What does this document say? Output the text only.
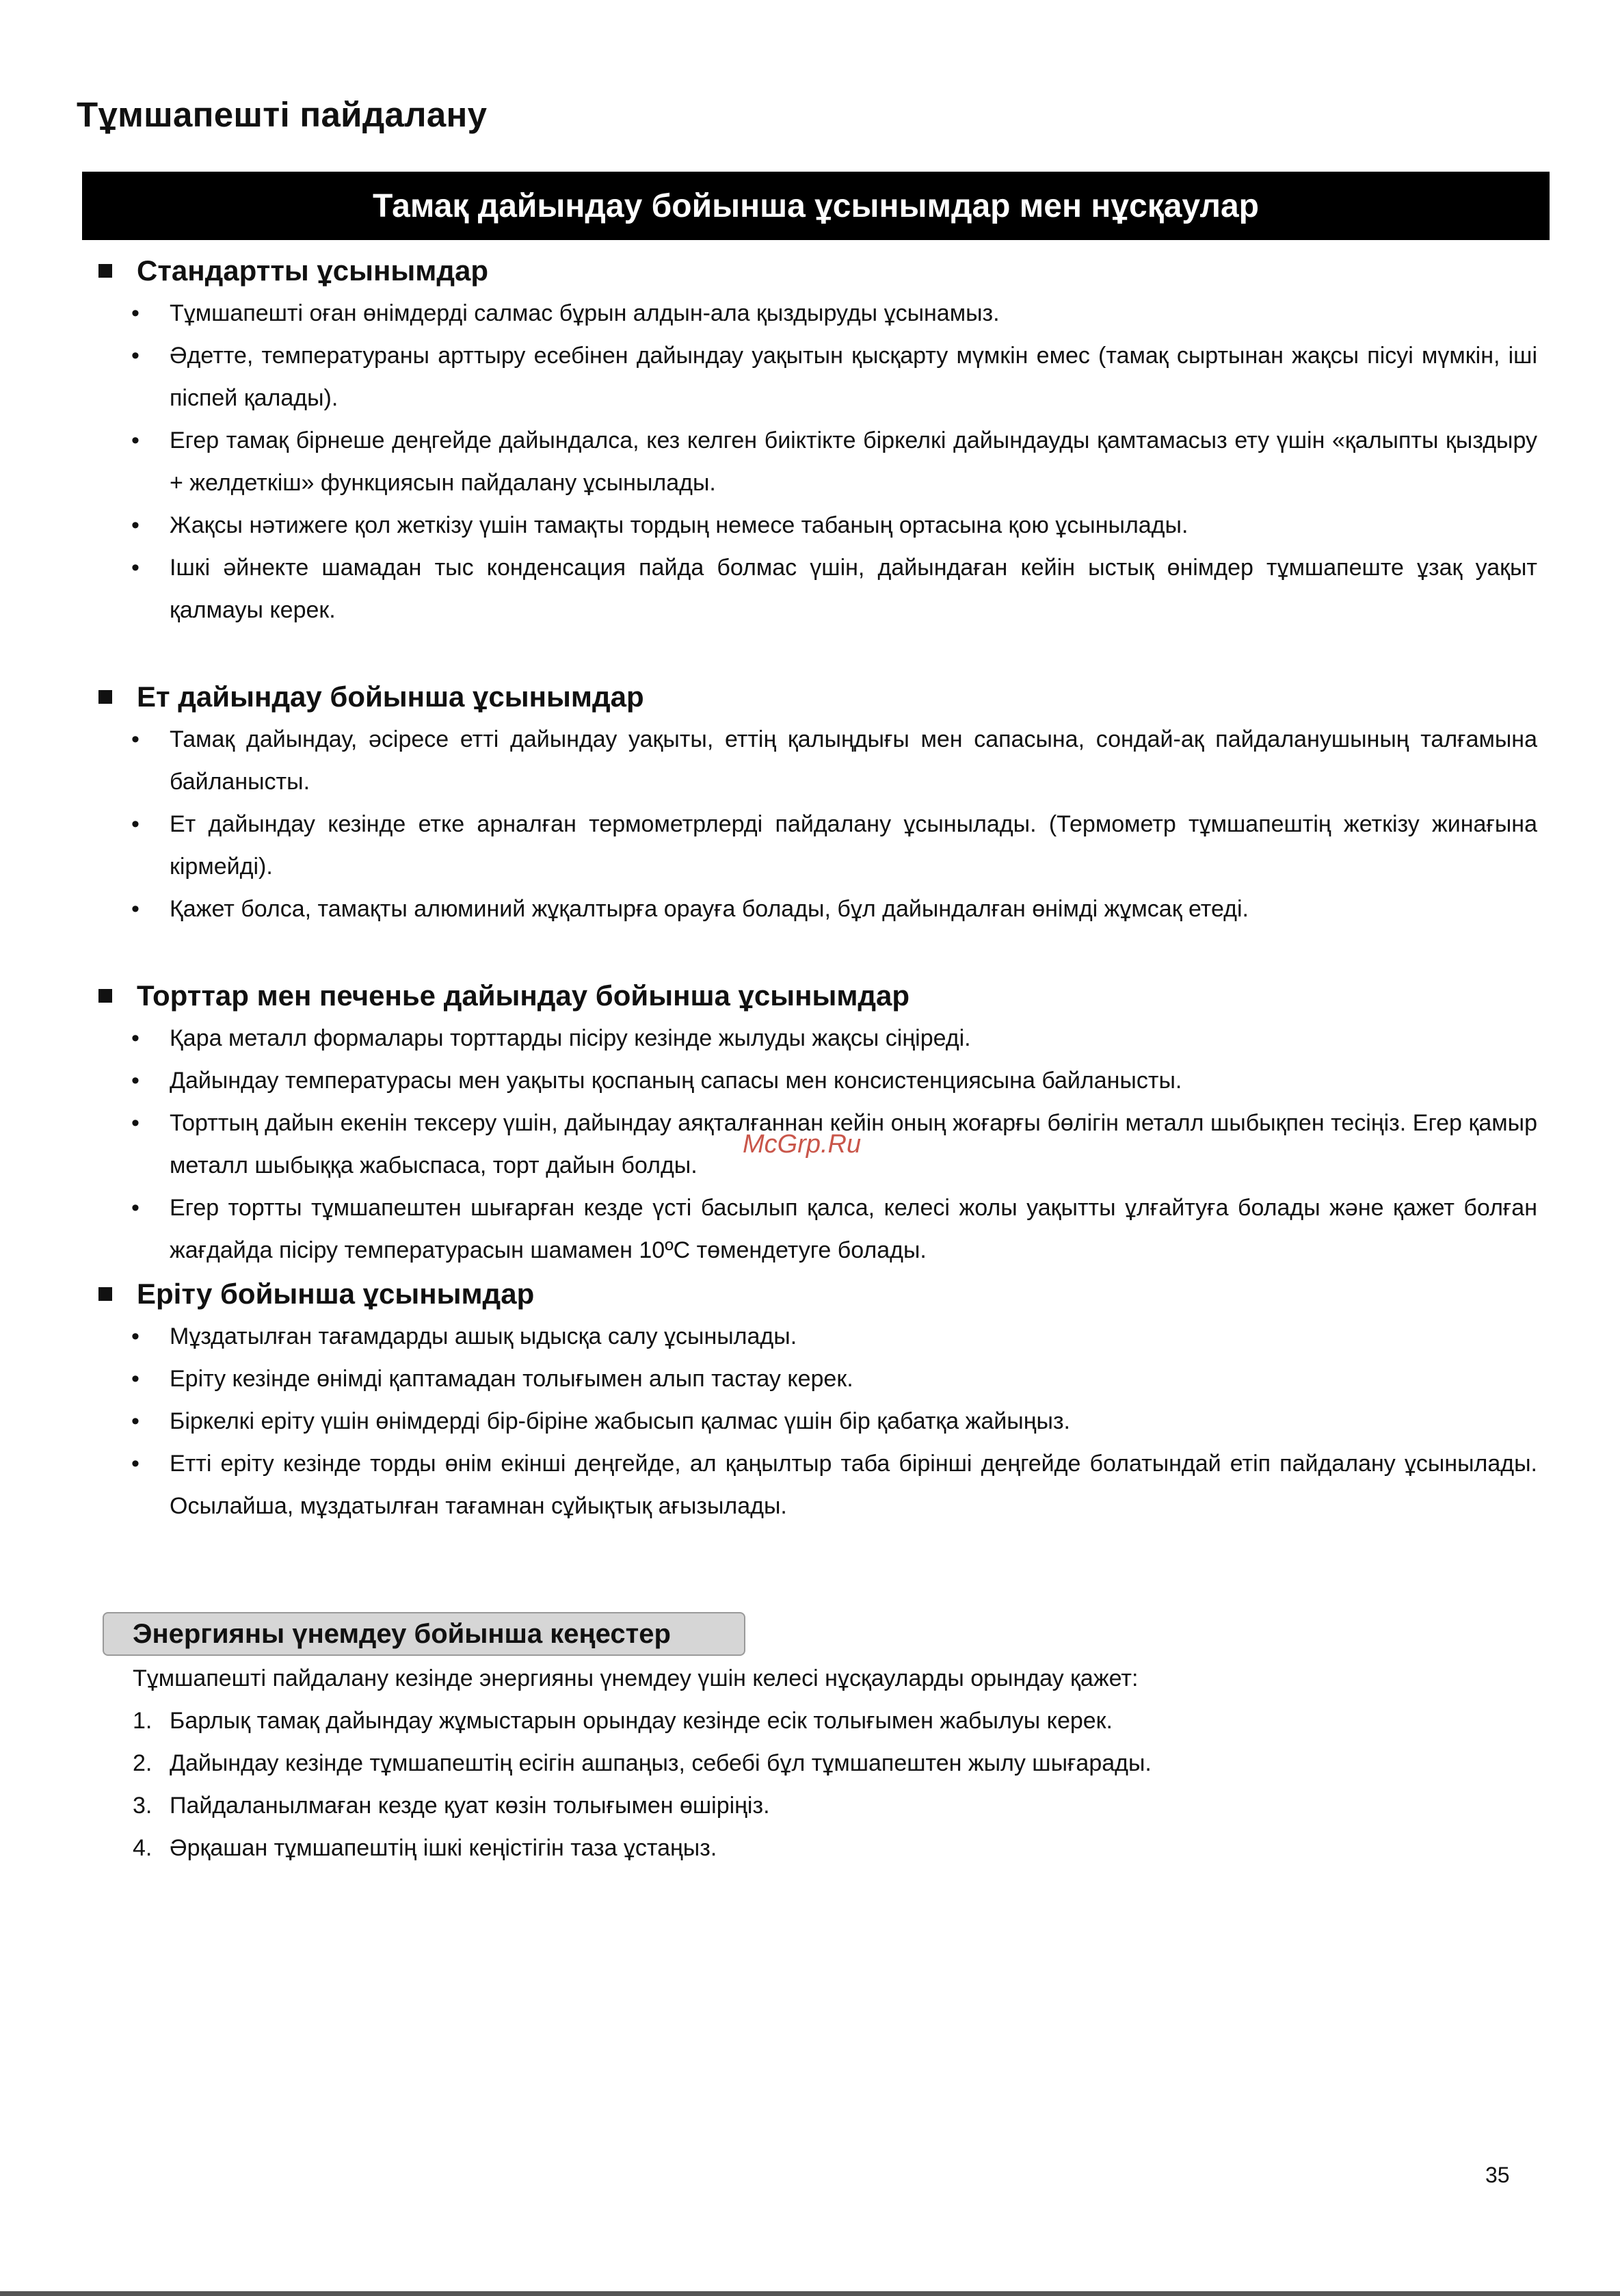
Тұмшапешті пайдалану
Тамақ дайындау бойынша ұсынымдар мен нұсқаулар
Стандартты ұсынымдар
• Тұмшапешті оған өнімдерді салмас бұрын алдын-ала қыздыруды ұсынамыз.
• Әдетте, температураны арттыру есебінен дайындау уақытын қысқарту мүмкін емес (тамақ сыртынан жақсы пісуі мүмкін, іші піспей қалады).
• Егер тамақ бірнеше деңгейде дайындалса, кез келген биіктікте біркелкі дайындауды қамтамасыз ету үшін «қалыпты қыздыру + желдеткіш» функциясын пайдалану ұсынылады.
• Жақсы нәтижеге қол жеткізу үшін тамақты тордың немесе табаның ортасына қою ұсынылады.
• Ішкі әйнекте шамадан тыс конденсация пайда болмас үшін, дайындаған кейін ыстық өнімдер тұмшапеште ұзақ уақыт қалмауы керек.
Ет дайындау бойынша ұсынымдар
• Тамақ дайындау, әсіресе етті дайындау уақыты, еттің қалыңдығы мен сапасына, сондай-ақ пайдаланушының талғамына байланысты.
• Ет дайындау кезінде етке арналған термометрлерді пайдалану ұсынылады. (Термометр тұмшапештің жеткізу жинағына кірмейді).
• Қажет болса, тамақты алюминий жұқалтырға орауға болады, бұл дайындалған өнімді жұмсақ етеді.
Торттар мен печенье дайындау бойынша ұсынымдар
• Қара металл формалары торттарды пісіру кезінде жылуды жақсы сіңіреді.
• Дайындау температурасы мен уақыты қоспаның сапасы мен консистенциясына байланысты.
• Торттың дайын екенін тексеру үшін, дайындау аяқталғаннан кейін оның жоғарғы бөлігін металл шыбықпен тесіңіз. Егер қамыр металл шыбыққа жабыспаса, торт дайын болды.
• Егер тортты тұмшапештен шығарған кезде үсті басылып қалса, келесі жолы уақытты ұлғайтуға болады және қажет болған жағдайда пісіру температурасын шамамен 10ºС төмендетуге болады.
Еріту бойынша ұсынымдар
• Мұздатылған тағамдарды ашық ыдысқа салу ұсынылады.
• Еріту кезінде өнімді қаптамадан толығымен алып тастау керек.
• Біркелкі еріту үшін өнімдерді бір-біріне жабысып қалмас үшін бір қабатқа жайыңыз.
• Етті еріту кезінде торды өнім екінші деңгейде, ал қаңылтыр таба бірінші деңгейде болатындай етіп пайдалану ұсынылады. Осылайша, мұздатылған тағамнан сұйықтық ағызылады.
Энергияны үнемдеу бойынша кеңестер
Тұмшапешті пайдалану кезінде энергияны үнемдеу үшін келесі нұсқауларды орындау қажет:
1. Барлық тамақ дайындау жұмыстарын орындау кезінде есік толығымен жабылуы керек.
2. Дайындау кезінде тұмшапештің есігін ашпаңыз, себебі бұл тұмшапештен жылу шығарады.
3. Пайдаланылмаған кезде қуат көзін толығымен өшіріңіз.
4. Әрқашан тұмшапештің ішкі кеңістігін таза ұстаңыз.
McGrp.Ru
35
